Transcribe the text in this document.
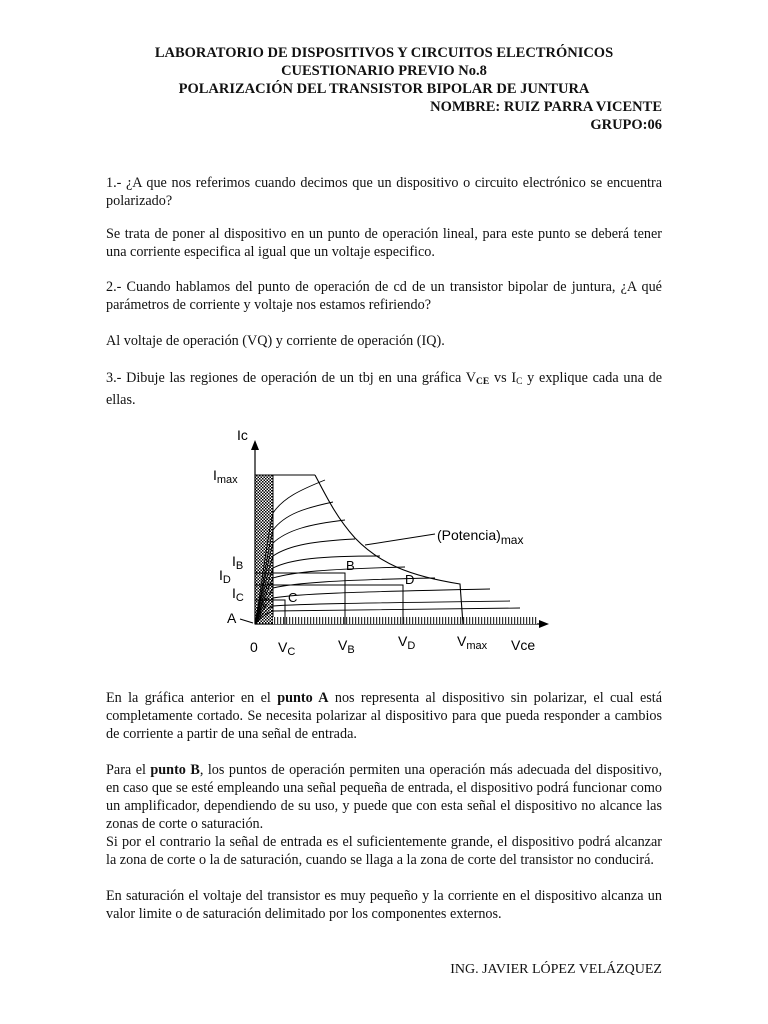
LABORATORIO DE DISPOSITIVOS Y CIRCUITOS ELECTRÓNICOS
CUESTIONARIO PREVIO No.8
POLARIZACIÓN DEL TRANSISTOR BIPOLAR DE JUNTURA
NOMBRE: RUIZ PARRA VICENTE
GRUPO:06
1.- ¿A que nos referimos cuando decimos que un dispositivo o circuito electrónico se encuentra polarizado?
Se trata de poner al dispositivo en un punto de operación lineal, para este punto se deberá tener una corriente especifica al igual que un voltaje especifico.
2.- Cuando hablamos del punto de operación de cd de un transistor bipolar de juntura, ¿A qué parámetros de corriente y voltaje nos estamos refiriendo?
Al voltaje de operación (VQ) y corriente de operación (IQ).
3.- Dibuje las regiones de operación de un tbj en una gráfica $V_{CE}$ vs $I_C$ y explique cada una de ellas.
Ic
$I_{max}$
$I_B$
$I_D$
$I_C$
A
B
D
C
(Potencia)max
0 $V_C$	$V_B$
$V_D$	$V_{max}$ Vce
En la gráfica anterior en el punto A nos representa al dispositivo sin polarizar, el cual está completamente cortado. Se necesita polarizar al dispositivo para que pueda responder a cambios de corriente a partir de una señal de entrada.
Para el punto B, los puntos de operación permiten una operación más adecuada del dispositivo, en caso que se esté empleando una señal pequeña de entrada, el dispositivo podrá funcionar como un amplificador, dependiendo de su uso, y puede que con esta señal el dispositivo no alcance las zonas de corte o saturación.
Si por el contrario la señal de entrada es el suficientemente grande, el dispositivo podrá alcanzar la zona de corte o la de saturación, cuando se llaga a la zona de corte del transistor no conducirá.
En saturación el voltaje del transistor es muy pequeño y la corriente en el dispositivo alcanza un valor limite o de saturación delimitado por los componentes externos.
ING. JAVIER LÓPEZ VELÁZQUEZ
